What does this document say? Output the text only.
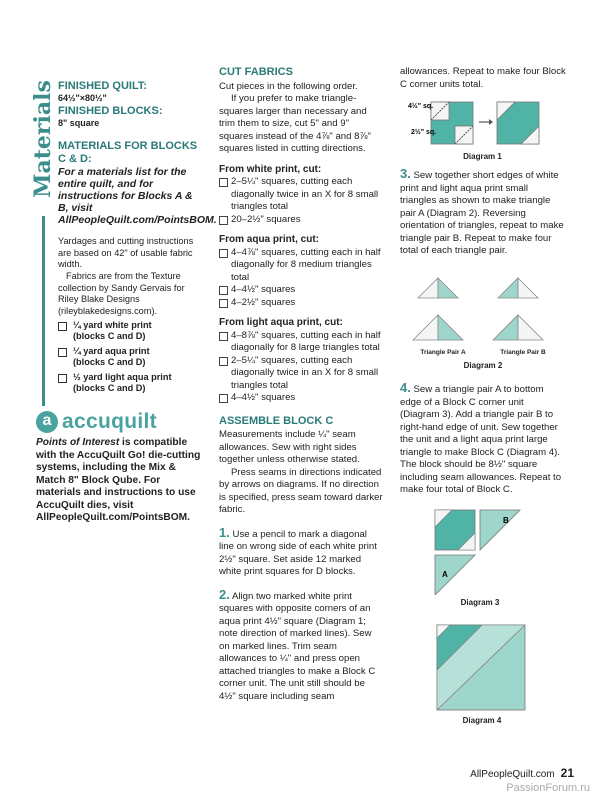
Materials FINISHED QUILT:
64½"×80½"
FINISHED BLOCKS:
8" square
MATERIALS FOR BLOCKS C & D:
For a materials list for the entire quilt, and for instructions for Blocks A & B, visit AllPeopleQuilt.com/PointsBOM.
Yardages and cutting instructions are based on 42" of usable fabric width.
Fabrics are from the Texture collection by Sandy Gervais for Riley Blake Designs (rileyblakedesigns.com).
¼ yard white print
(blocks C and D)
¼ yard aqua print
(blocks C and D)
½ yard light aqua print
(blocks C and D)
a accuquilt
Points of Interest is compatible with the AccuQuilt Go! die-cutting systems, including the Mix & Match 8" Block Qube. For materials and instructions to use AccuQuilt dies, visit AllPeopleQuilt.com/PointsBOM.
CUT FABRICS

Cut pieces in the following order.

If you prefer to make triangle-squares larger than necessary and trim them to size, cut 5" and 9" squares instead of the 4⅞" and 8⅞" squares listed in cutting directions.

From white print, cut:
2–5¼" squares, cutting each diagonally twice in an X for 8 small triangles total
20–2½" squares
From aqua print, cut:
4–4⅞" squares, cutting each in half diagonally for 8 medium triangles total
4–4½" squares
4–2½" squares
From light aqua print, cut:
4–8⅞" squares, cutting each in half diagonally for 8 large triangles total
2–5¼" squares, cutting each diagonally twice in an X for 8 small triangles total
4–4½" squares
ASSEMBLE BLOCK C

Measurements include ¼" seam allowances. Sew with right sides together unless otherwise stated.

Press seams in directions indicated by arrows on diagrams. If no direction is specified, press seam toward darker fabric.

1. Use a pencil to mark a diagonal line on wrong side of each white print 2½" square. Set aside 12 marked white print squares for D blocks.

2. Align two marked white print squares with opposite corners of an aqua print 4½" square (Diagram 1; note direction of marked lines). Sew on marked lines. Trim seam allowances to ¼" and press open attached triangles to make a Block C corner unit. The unit still should be 4½" square including seam

allowances. Repeat to make four Block C corner units total.
4½" sq.
2½" sq.
Diagram 1
3. Sew together short edges of white print and light aqua print small triangles as shown to make triangle pair A (Diagram 2). Reversing orientation of triangles, repeat to make triangle pair B. Repeat to make four total of each triangle pair.
Triangle Pair A	Triangle Pair B
Diagram 2
4. Sew a triangle pair A to bottom edge of a Block C corner unit (Diagram 3). Add a triangle pair B to right-hand edge of unit. Sew together the unit and a light aqua print large triangle to make Block C (Diagram 4). The block should be 8½" square including seam allowances. Repeat to make four total of Block C.
B
A
Diagram 3
Diagram 4
AllPeopleQuilt.com 21
PassionForum.ru
